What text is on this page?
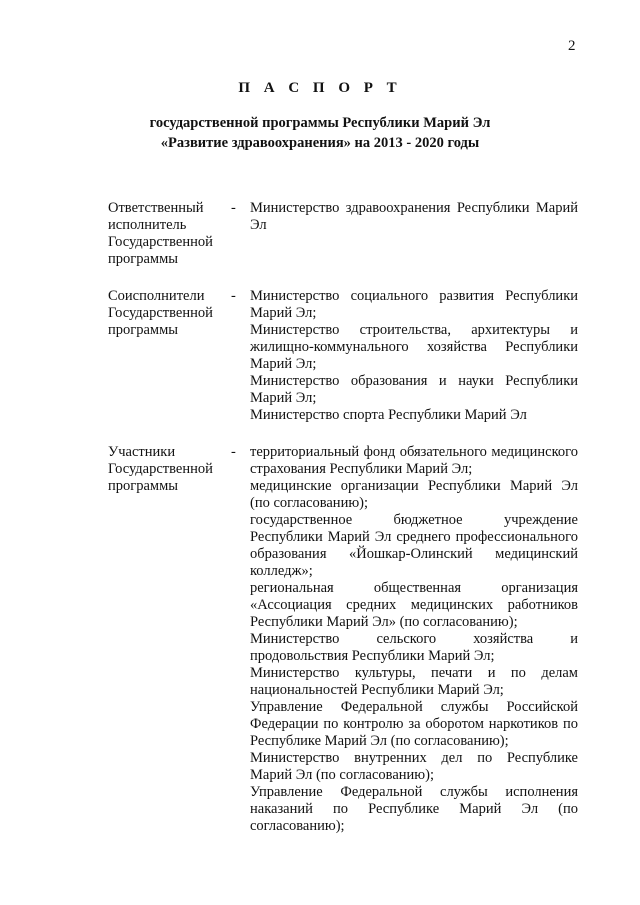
2
П А С П О Р Т
государственной программы Республики Марий Эл
«Развитие здравоохранения» на 2013 - 2020 годы
Ответственный
исполнитель
Государственной
программы
- Министерство здравоохранения Республики Марий Эл
Соисполнители
Государственной
программы
- Министерство социального развития Республики Марий Эл;
Министерство строительства, архитектуры и жилищно-коммунального хозяйства Республики Марий Эл;
Министерство образования и науки Республики Марий Эл;
Министерство спорта Республики Марий Эл
Участники
Государственной
программы
- территориальный фонд обязательного медицинского страхования Республики Марий Эл;
медицинские организации Республики Марий Эл (по согласованию);
государственное бюджетное учреждение Республики Марий Эл среднего профессионального образования «Йошкар-Олинский медицинский колледж»;
региональная общественная организация «Ассоциация средних медицинских работников Республики Марий Эл» (по согласованию);
Министерство сельского хозяйства и продовольствия Республики Марий Эл;
Министерство культуры, печати и по делам национальностей Республики Марий Эл;
Управление Федеральной службы Российской Федерации по контролю за оборотом наркотиков по Республике Марий Эл (по согласованию);
Министерство внутренних дел по Республике Марий Эл (по согласованию);
Управление Федеральной службы исполнения наказаний по Республике Марий Эл (по согласованию);
